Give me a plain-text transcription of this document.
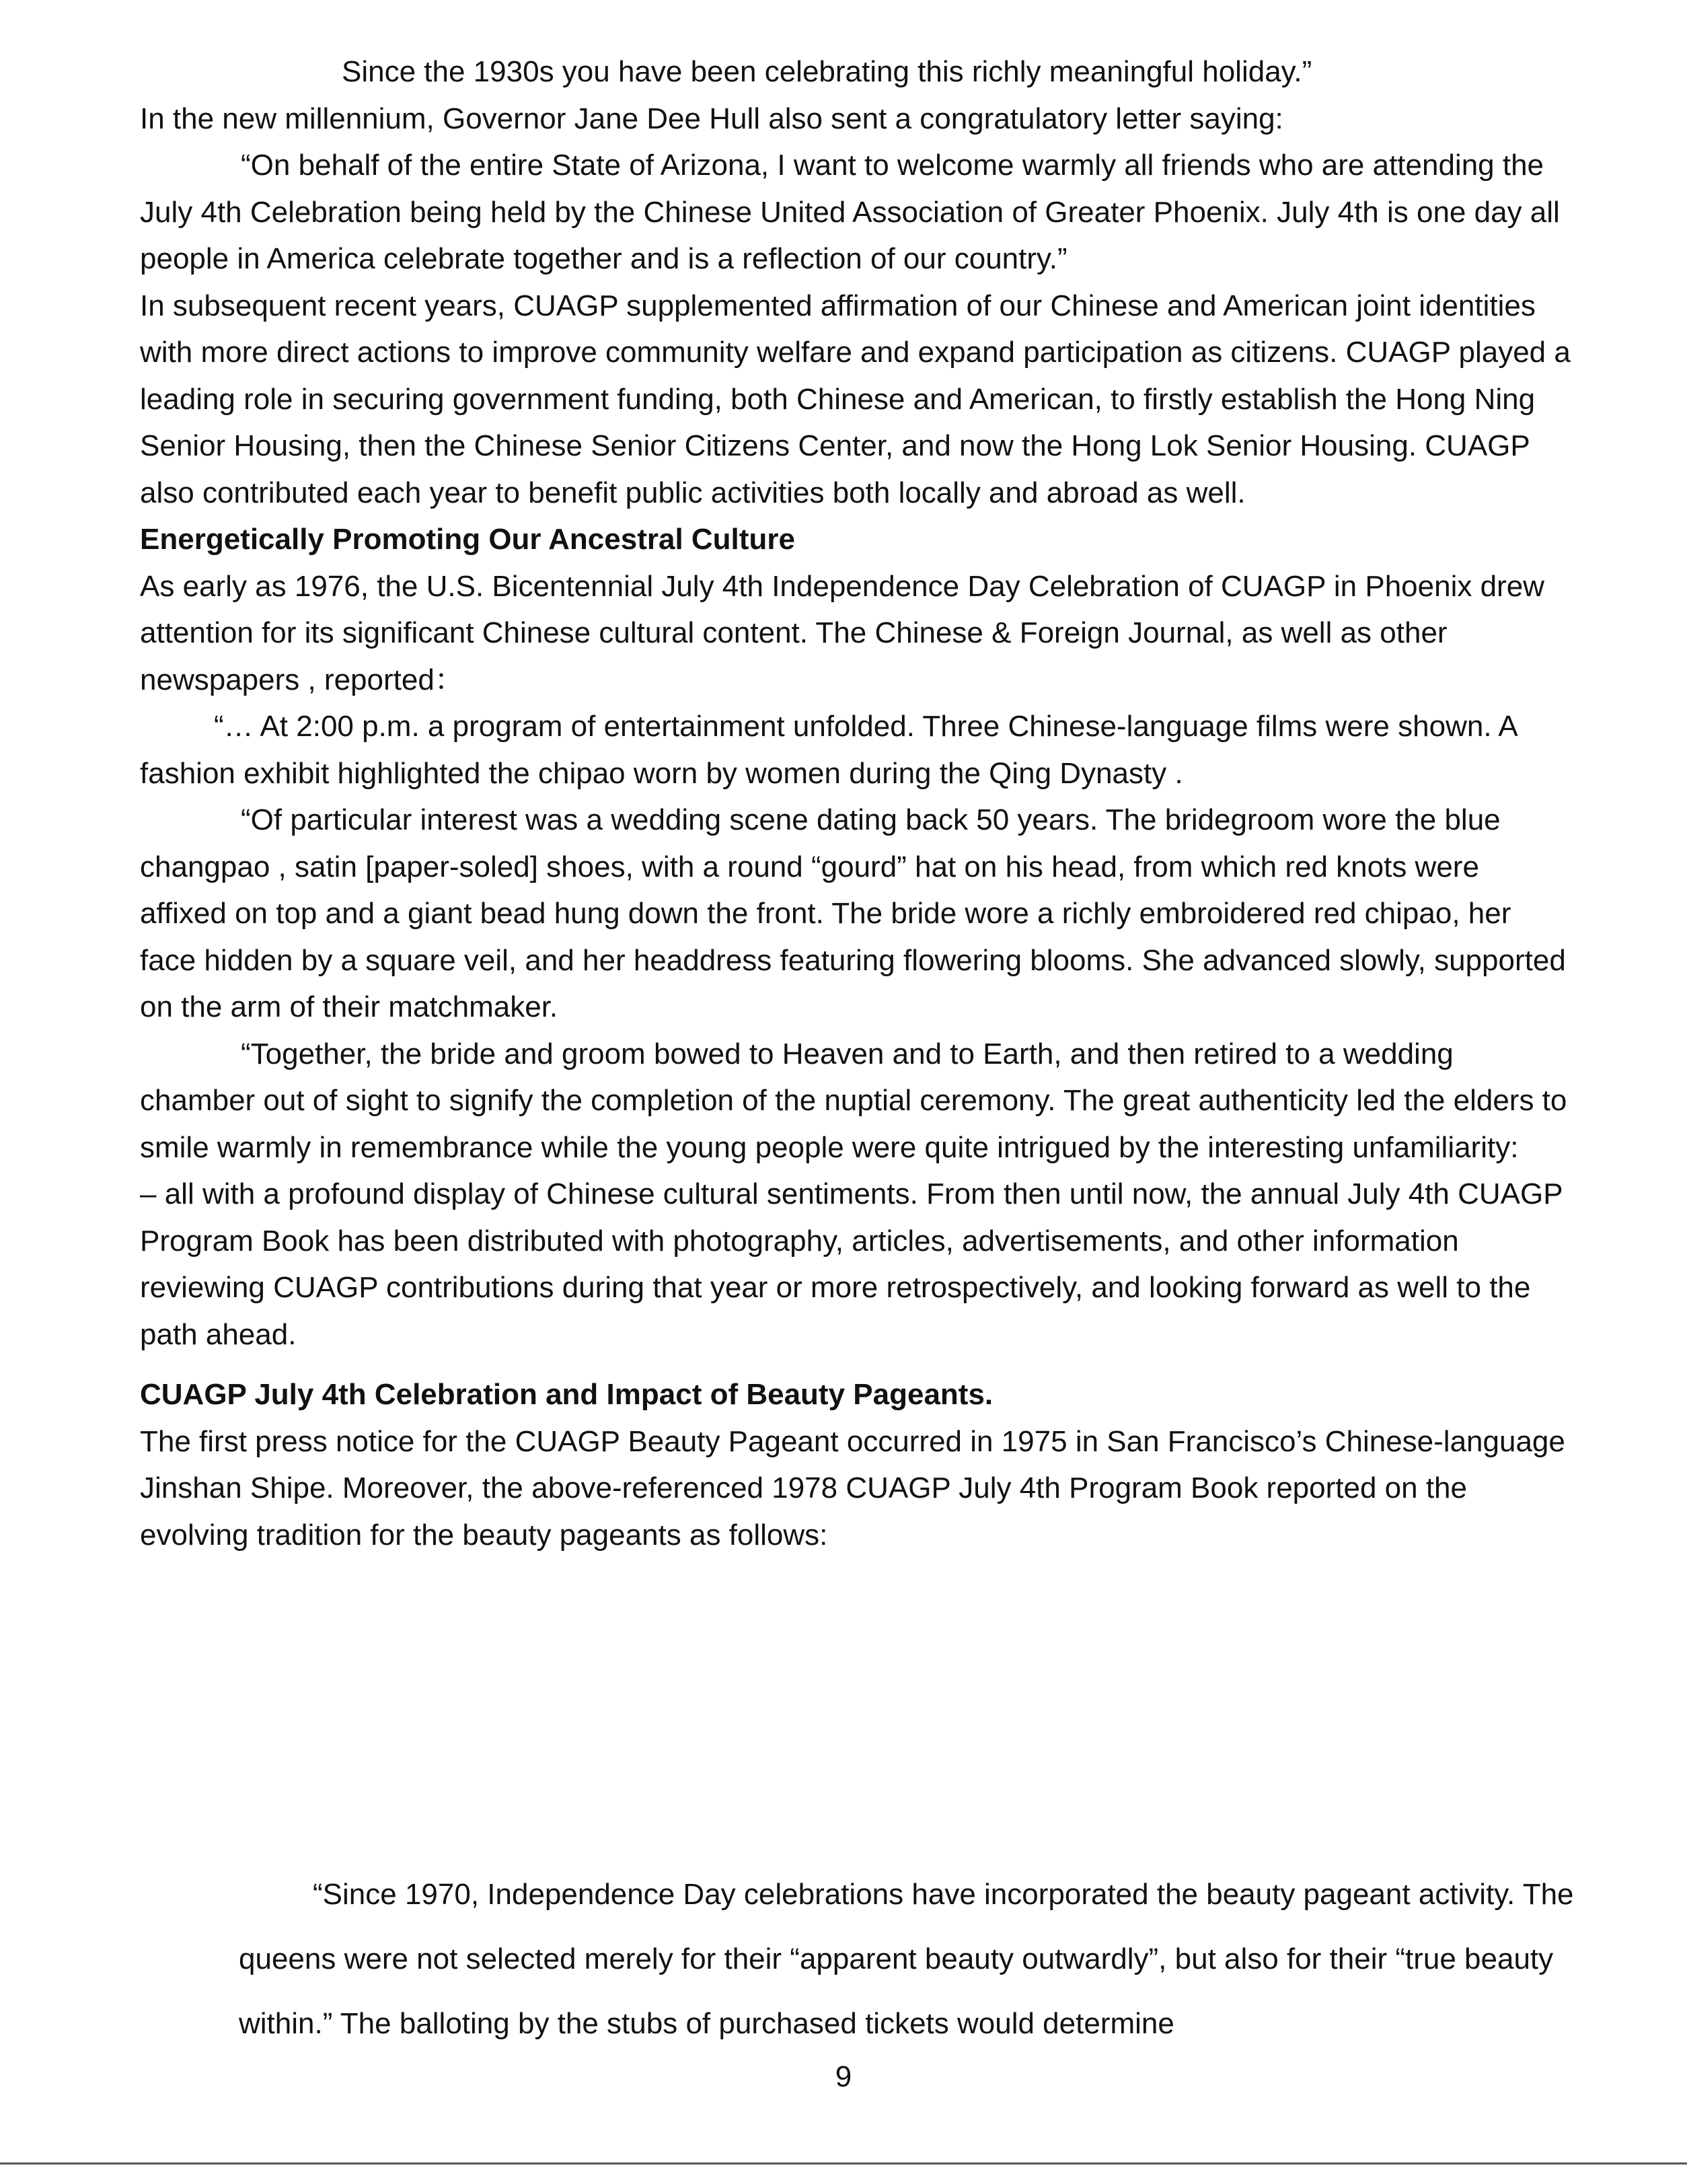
Since the 1930s you have been celebrating this richly meaningful holiday.”

In the new millennium, Governor Jane Dee Hull also sent a congratulatory letter saying:

“On behalf of the entire State of Arizona, I want to welcome warmly all friends who are attending the July 4th Celebration being held by the Chinese United Association of Greater Phoenix. July 4th is one day all people in America celebrate together and is a reflection of our country.”

In subsequent recent years, CUAGP supplemented affirmation of our Chinese and American joint identities with more direct actions to improve community welfare and expand participation as citizens. CUAGP played a leading role in securing government funding, both Chinese and American, to firstly establish the Hong Ning Senior Housing, then the Chinese Senior Citizens Center, and now the Hong Lok Senior Housing. CUAGP also contributed each year to benefit public activities both locally and abroad as well.

Energetically Promoting Our Ancestral Culture

As early as 1976, the U.S. Bicentennial July 4th Independence Day Celebration of CUAGP in Phoenix drew attention for its significant Chinese cultural content. The Chinese & Foreign Journal, as well as other newspapers , reported：

“… At 2:00 p.m. a program of entertainment unfolded. Three Chinese-language films were shown. A fashion exhibit highlighted the chipao worn by women during the Qing Dynasty .

“Of particular interest was a wedding scene dating back 50 years. The bridegroom wore the blue changpao , satin [paper-soled] shoes, with a round “gourd” hat on his head, from which red knots were affixed on top and a giant bead hung down the front. The bride wore a richly embroidered red chipao, her face hidden by a square veil, and her headdress featuring flowering blooms. She advanced slowly, supported on the arm of their matchmaker.

“Together, the bride and groom bowed to Heaven and to Earth, and then retired to a wedding chamber out of sight to signify the completion of the nuptial ceremony. The great authenticity led the elders to smile warmly in remembrance while the young people were quite intrigued by the interesting unfamiliarity:

– all with a profound display of Chinese cultural sentiments. From then until now, the annual July 4th CUAGP Program Book has been distributed with photography, articles, advertisements, and other information reviewing CUAGP contributions during that year or more retrospectively, and looking forward as well to the path ahead.

CUAGP July 4th Celebration and Impact of Beauty Pageants.

The first press notice for the CUAGP Beauty Pageant occurred in 1975 in San Francisco’s Chinese-language Jinshan Shipe. Moreover, the above-referenced 1978 CUAGP July 4th Program Book reported on the evolving tradition for the beauty pageants as follows:

“Since 1970, Independence Day celebrations have incorporated the beauty pageant activity. The queens were not selected merely for their “apparent beauty outwardly”, but also for their “true beauty within.” The balloting by the stubs of purchased tickets would determine

9
